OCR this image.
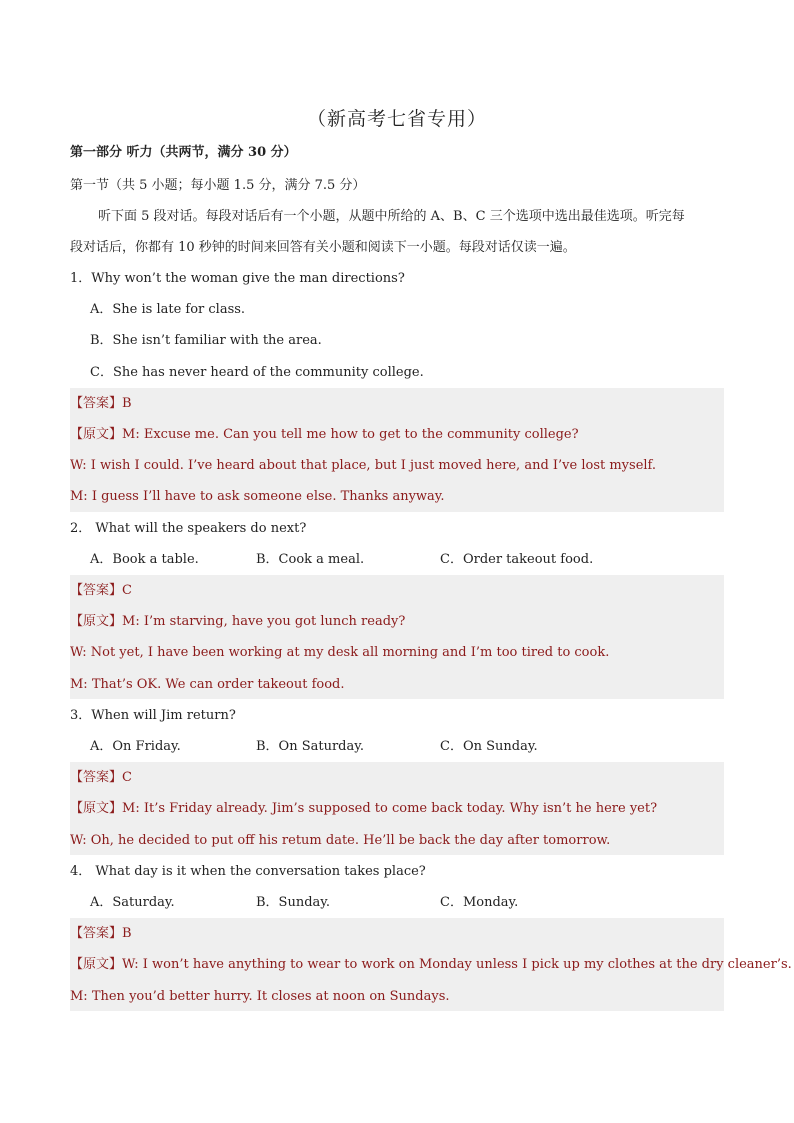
（新高考七省专用）
第一部分 听力（共两节，满分 30 分）
第一节（共 5 小题；每小题 1.5 分，满分 7.5 分）
听下面 5 段对话。每段对话后有一个小题，从题中所给的 A、B、C 三个选项中选出最佳选项。听完每
段对话后，你都有 10 秒钟的时间来回答有关小题和阅读下一小题。每段对话仅读一遍。
1．Why won’t the woman give the man directions?
A．She is late for class.
B．She isn’t familiar with the area.
C．She has never heard of the community college.
【答案】B
【原文】M: Excuse me. Can you tell me how to get to the community college?
W: I wish I could. I’ve heard about that place, but I just moved here, and I’ve lost myself.
M: I guess I’ll have to ask someone else. Thanks anyway.
2． What will the speakers do next?
A．Book a table.	B．Cook a meal.	C．Order takeout food.
【答案】C
【原文】M: I’m starving, have you got lunch ready?
W: Not yet, I have been working at my desk all morning and I’m too tired to cook.
M: That’s OK. We can order takeout food.
3．When will Jim return?
A．On Friday.	B．On Saturday.	C．On Sunday.
【答案】C
【原文】M: It’s Friday already. Jim’s supposed to come back today. Why isn’t he here yet?
W: Oh, he decided to put off his retum date. He’ll be back the day after tomorrow.
4． What day is it when the conversation takes place?
A．Saturday.	B．Sunday.	C．Monday.
【答案】B
【原文】W: I won’t have anything to wear to work on Monday unless I pick up my clothes at the dry cleaner’s.
M: Then you’d better hurry. It closes at noon on Sundays.
